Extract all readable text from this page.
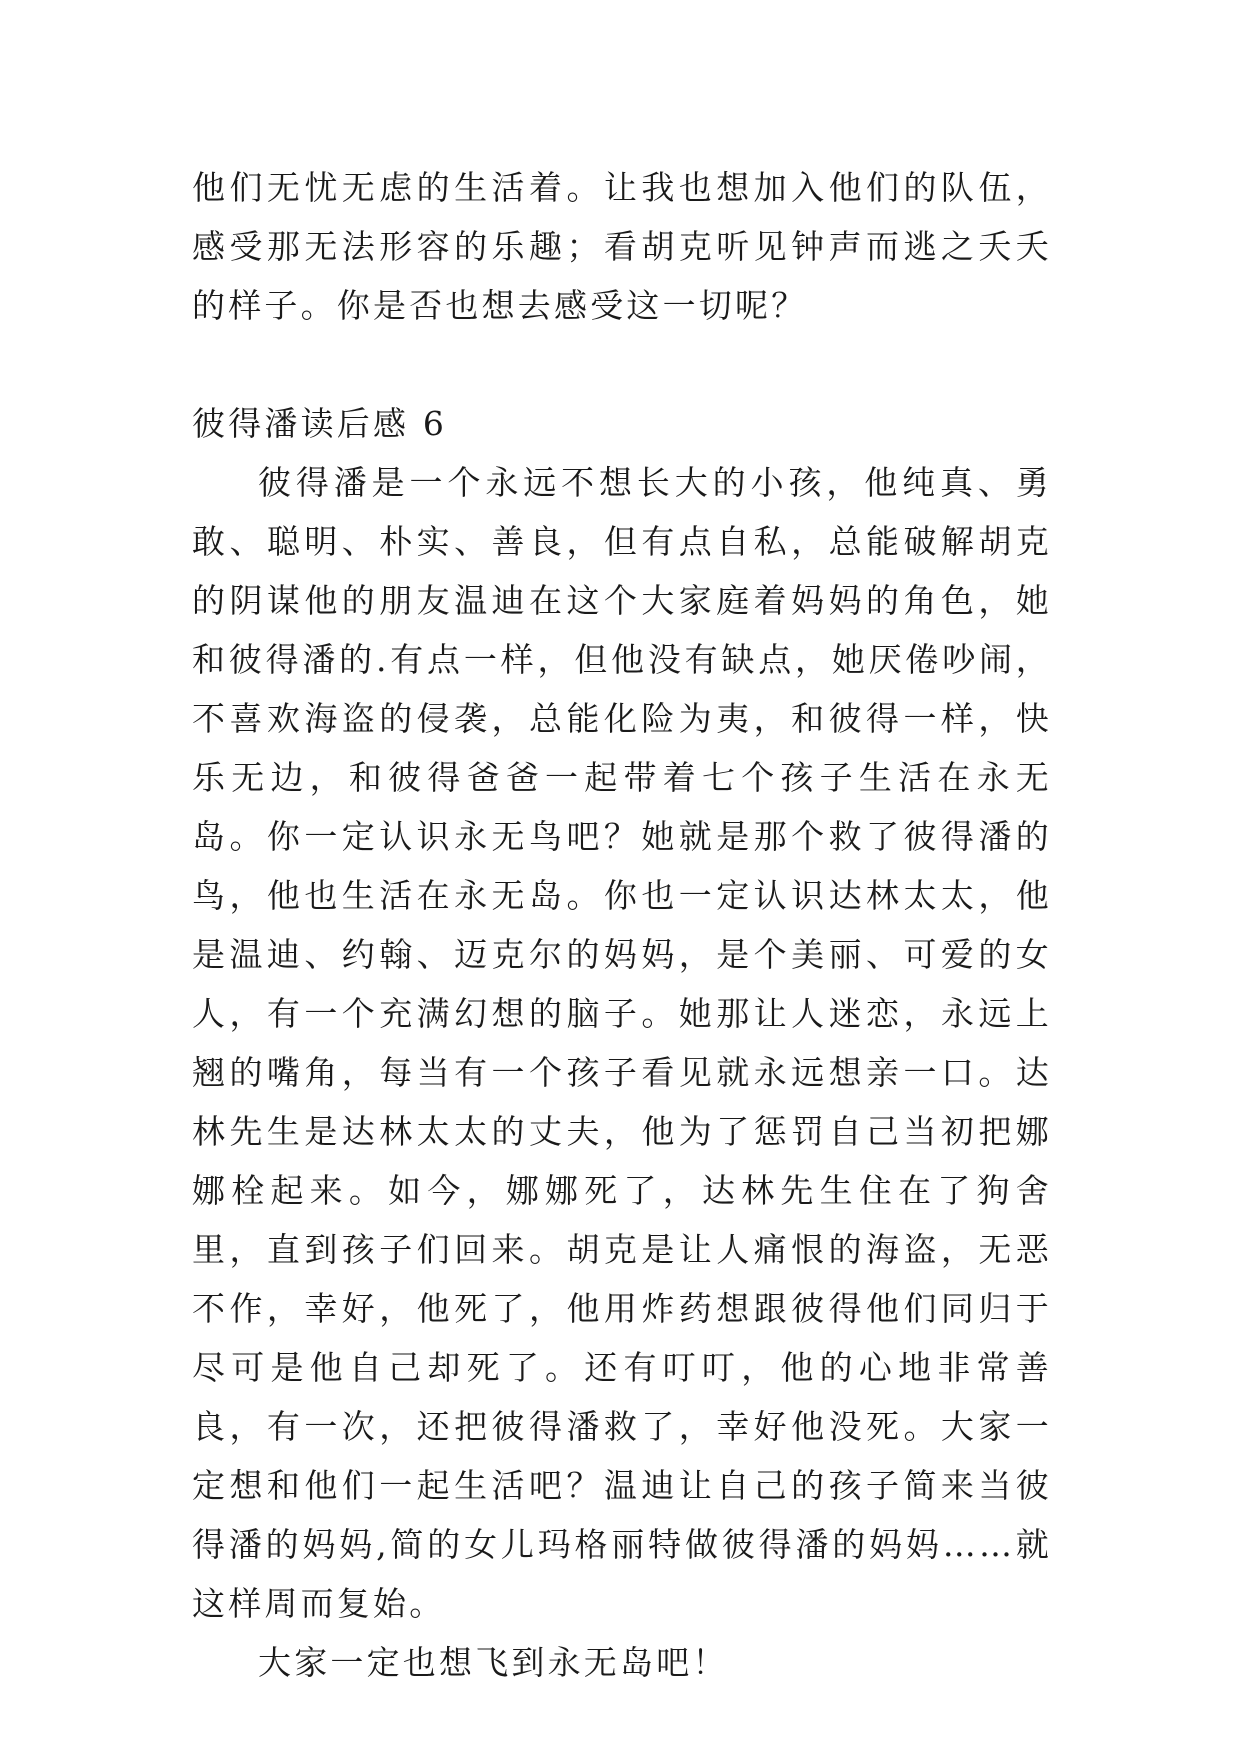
他们无忧无虑的生活着。让我也想加入他们的队伍，感受那无法形容的乐趣；看胡克听见钟声而逃之夭夭的样子。你是否也想去感受这一切呢？

彼得潘读后感 6

彼得潘是一个永远不想长大的小孩，他纯真、勇敢、聪明、朴实、善良，但有点自私，总能破解胡克的阴谋他的朋友温迪在这个大家庭着妈妈的角色，她和彼得潘的.有点一样，但他没有缺点，她厌倦吵闹，不喜欢海盗的侵袭，总能化险为夷，和彼得一样，快乐无边，和彼得爸爸一起带着七个孩子生活在永无岛。你一定认识永无鸟吧？她就是那个救了彼得潘的鸟，他也生活在永无岛。你也一定认识达林太太，他是温迪、约翰、迈克尔的妈妈，是个美丽、可爱的女人，有一个充满幻想的脑子。她那让人迷恋，永远上翘的嘴角，每当有一个孩子看见就永远想亲一口。达林先生是达林太太的丈夫，他为了惩罚自己当初把娜娜栓起来。如今，娜娜死了，达林先生住在了狗舍里，直到孩子们回来。胡克是让人痛恨的海盗，无恶不作，幸好，他死了，他用炸药想跟彼得他们同归于尽可是他自己却死了。还有叮叮，他的心地非常善良，有一次，还把彼得潘救了，幸好他没死。大家一定想和他们一起生活吧？温迪让自己的孩子简来当彼得潘的妈妈,简的女儿玛格丽特做彼得潘的妈妈……就这样周而复始。

大家一定也想飞到永无岛吧！
